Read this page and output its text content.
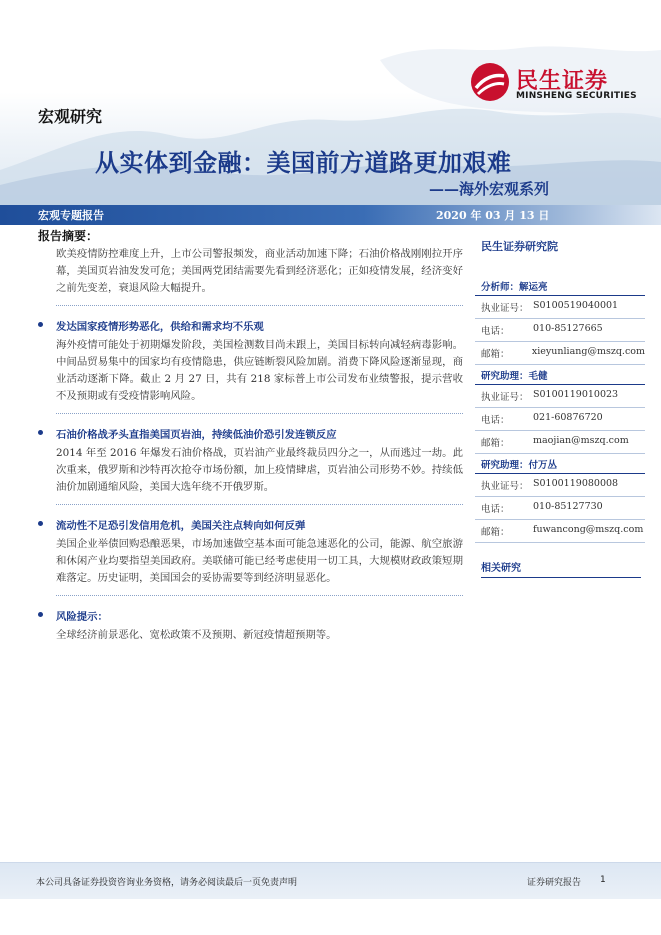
民生证券
MINSHENG SECURITIES
宏观研究
从实体到金融：美国前方道路更加艰难
——海外宏观系列
宏观专题报告	2020 年 03 月 13 日
报告摘要：
欧美疫情防控难度上升，上市公司警报频发，商业活动加速下降；石油价格战刚刚拉开序幕，美国页岩油发发可危；美国两党团结需要先看到经济恶化；正如疫情发展，经济变好之前先变差，衰退风险大幅提升。
发达国家疫情形势恶化，供给和需求均不乐观
海外疫情可能处于初期爆发阶段，美国检测数目尚未跟上，美国目标转向减轻病毒影响。中间品贸易集中的国家均有疫情隐患，供应链断裂风险加剧。消费下降风险逐渐显现，商业活动逐渐下降。截止 2 月 27 日，共有 218 家标普上市公司发布业绩警报，提示营收不及预期或有受疫情影响风险。
石油价格战矛头直指美国页岩油，持续低油价恐引发连锁反应
2014 年至 2016 年爆发石油价格战，页岩油产业最终裁员四分之一，从而逃过一劫。此次重来，俄罗斯和沙特再次抢夺市场份额，加上疫情肆虐，页岩油公司形势不妙。持续低油价加剧通缩风险，美国大选年绕不开俄罗斯。
流动性不足恐引发信用危机，美国关注点转向如何反弹
美国企业举债回购恐酿恶果，市场加速做空基本面可能急速恶化的公司，能源、航空旅游和休闲产业均要指望美国政府。美联储可能已经考虑使用一切工具，大规模财政政策短期难落定。历史证明，美国国会的妥协需要等到经济明显恶化。
风险提示：
全球经济前景恶化、宽松政策不及预期、新冠疫情超预期等。
民生证券研究院
分析师：解运亮
执业证号： S0100519040001
电话：	010-85127665
邮箱：	xieyunliang@mszq.com
研究助理：毛健
执业证号： S0100119010023
电话：	021-60876720
邮箱：	maojian@mszq.com
研究助理：付万丛
执业证号： S0100119080008
电话：	010-85127730
邮箱：	fuwancong@mszq.com
相关研究
本公司具备证券投资咨询业务资格，请务必阅读最后一页免责声明	证券研究报告 1
